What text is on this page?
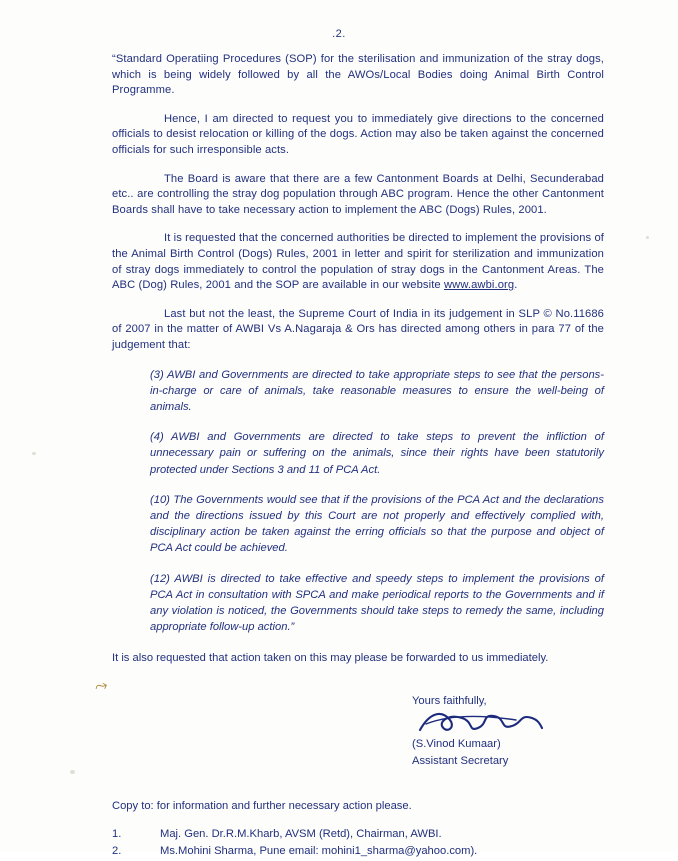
.2.

“Standard Operatiing Procedures (SOP) for the sterilisation and immunization of the stray dogs, which is being widely followed by all the AWOs/Local Bodies doing Animal Birth Control Programme.

Hence, I am directed to request you to immediately give directions to the concerned officials to desist relocation or killing of the dogs. Action may also be taken against the concerned officials for such irresponsible acts.

The Board is aware that there are a few Cantonment Boards at Delhi, Secunderabad etc.. are controlling the stray dog population through ABC program. Hence the other Cantonment Boards shall have to take necessary action to implement the ABC (Dogs) Rules, 2001.

It is requested that the concerned authorities be directed to implement the provisions of the Animal Birth Control (Dogs) Rules, 2001 in letter and spirit for sterilization and immunization of stray dogs immediately to control the population of stray dogs in the Cantonment Areas. The ABC (Dog) Rules, 2001 and the SOP are available in our website www.awbi.org.

Last but not the least, the Supreme Court of India in its judgement in SLP © No.11686 of 2007 in the matter of AWBI Vs A.Nagaraja & Ors has directed among others in para 77 of the judgement that:

(3) AWBI and Governments are directed to take appropriate steps to see that the persons-in-charge or care of animals, take reasonable measures to ensure the well-being of animals.
(4) AWBI and Governments are directed to take steps to prevent the infliction of unnecessary pain or suffering on the animals, since their rights have been statutorily protected under Sections 3 and 11 of PCA Act.
(10) The Governments would see that if the provisions of the PCA Act and the declarations and the directions issued by this Court are not properly and effectively complied with, disciplinary action be taken against the erring officials so that the purpose and object of PCA Act could be achieved.
(12) AWBI is directed to take effective and speedy steps to implement the provisions of PCA Act in consultation with SPCA and make periodical reports to the Governments and if any violation is noticed, the Governments should take steps to remedy the same, including appropriate follow-up action.”

It is also requested that action taken on this may please be forwarded to us immediately.

Yours faithfully,
(S.Vinod Kumaar)
Assistant Secretary
Copy to: for information and further necessary action please.
1.	Maj. Gen. Dr.R.M.Kharb, AVSM (Retd), Chairman, AWBI.
2.	Ms.Mohini Sharma, Pune email: mohini1_sharma@yahoo.com).
⤳
